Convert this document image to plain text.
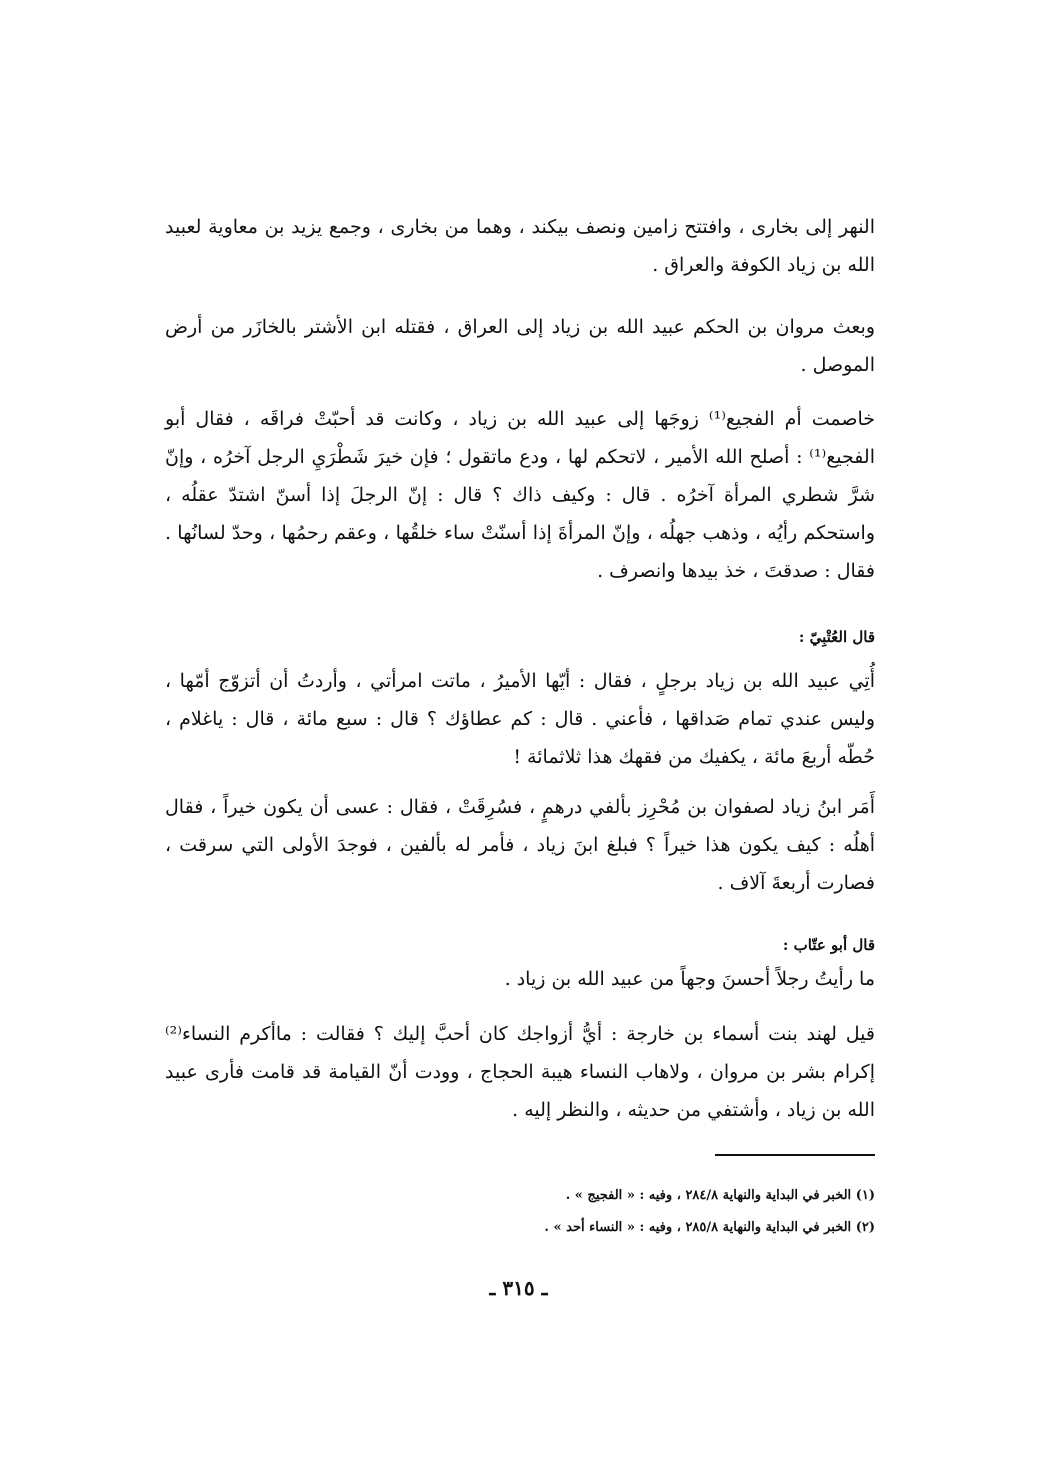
النهر إلى بخارى ، وافتتح زامين ونصف بيكند ، وهما من بخارى ، وجمع يزيد بن معاوية لعبيد الله بن زياد الكوفة والعراق .

وبعث مروان بن الحكم عبيد الله بن زياد إلى العراق ، فقتله ابن الأشتر بالخازَر من أرض الموصل .

خاصمت أم الفجيع⁽¹⁾ زوجَها إلى عبيد الله بن زياد ، وكانت قد أحبّتْ فراقَه ، فقال أبو الفجيع⁽¹⁾ : أصلح الله الأمير ، لاتحكم لها ، ودع ماتقول ؛ فإن خيرَ شَطْرَيِ الرجل آخرُه ، وإنّ شرَّ شطري المرأة آخرُه . قال : وكيف ذاك ؟ قال : إنّ الرجلَ إذا أسنّ اشتدّ عقلُه ، واستحكم رأيُه ، وذهب جهلُه ، وإنّ المرأةَ إذا أسنّتْ ساء خلقُها ، وعقم رحمُها ، وحدّ لسانُها . فقال : صدقتَ ، خذ بيدها وانصرف .

قال العُتْبِيّ :

أُتِي عبيد الله بن زياد برجلٍ ، فقال : أيّها الأميرُ ، ماتت امرأتي ، وأردتُ أن أتزوّج أمّها ، وليس عندي تمام صَداقها ، فأعني . قال : كم عطاؤك ؟ قال : سبع مائة ، قال : ياغلام ، حُطّه أربعَ مائة ، يكفيك من فقهك هذا ثلاثمائة !

أَمَر ابنُ زياد لصفوان بن مُحْرِز بألفي درهمٍ ، فسُرِقَتْ ، فقال : عسى أن يكون خيراً ، فقال أهلُه : كيف يكون هذا خيراً ؟ فبلغ ابنَ زياد ، فأمر له بألفين ، فوجدَ الأولى التي سرقت ، فصارت أربعةَ آلاف .

قال أبو عتّاب :

ما رأيتُ رجلاً أحسنَ وجهاً من عبيد الله بن زياد .

قيل لهند بنت أسماء بن خارجة : أيُّ أزواجك كان أحبَّ إليك ؟ فقالت : ماأكرم النساء⁽²⁾ إكرام بشر بن مروان ، ولاهاب النساء هيبة الحجاج ، وودت أنّ القيامة قد قامت فأرى عبيد الله بن زياد ، وأشتفي من حديثه ، والنظر إليه .

(١) الخبر في البداية والنهاية ٢٨٤/٨ ، وفيه : « الفجيج » .

(٢) الخبر في البداية والنهاية ٢٨٥/٨ ، وفيه : « النساء أحد » .

ـ ٣١٥ ـ
